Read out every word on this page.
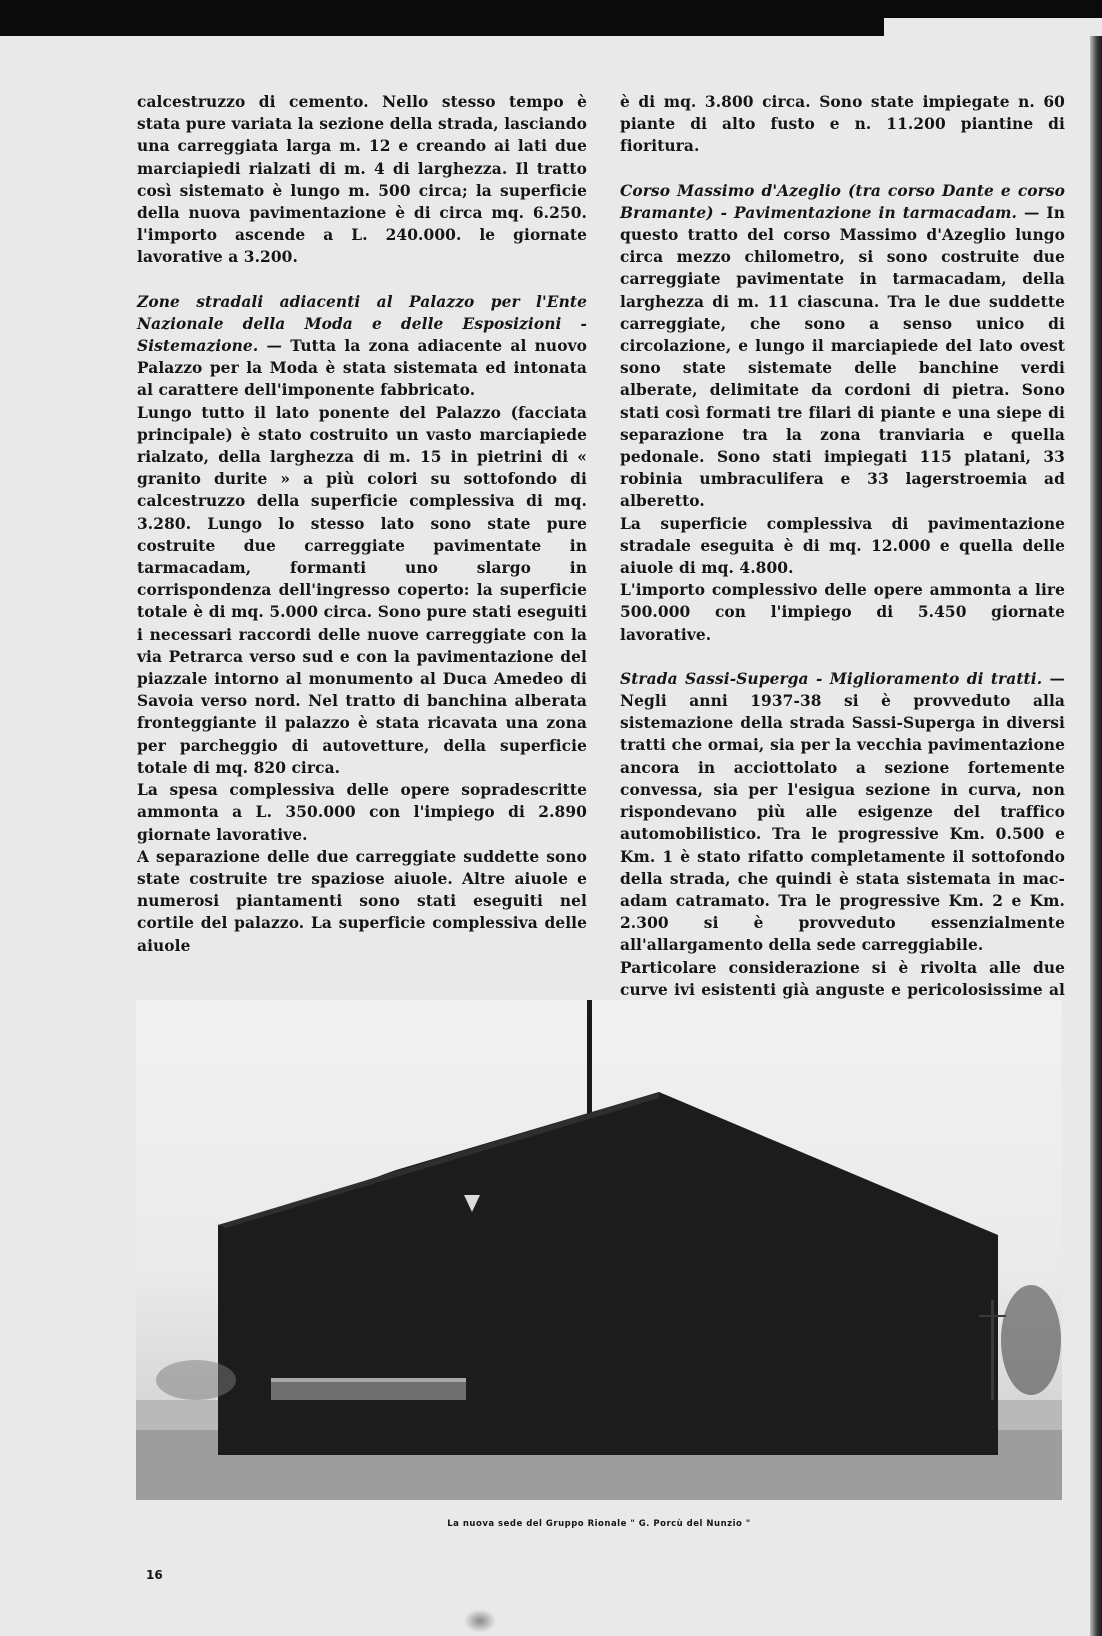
calcestruzzo di cemento. Nello stesso tempo è stata pure variata la sezione della strada, lasciando una carreggiata larga m. 12 e creando ai lati due marciapiedi rialzati di m. 4 di larghezza. Il tratto così sistemato è lungo m. 500 circa; la superficie della nuova pavimentazione è di circa mq. 6.250. l'importo ascende a L. 240.000. le giornate lavorative a 3.200.

Zone stradali adiacenti al Palazzo per l'Ente Nazionale della Moda e delle Esposizioni - Sistemazione. — Tutta la zona adiacente al nuovo Palazzo per la Moda è stata sistemata ed intonata al carattere dell'imponente fabbricato.

Lungo tutto il lato ponente del Palazzo (facciata principale) è stato costruito un vasto marciapiede rialzato, della larghezza di m. 15 in pietrini di « granito durite » a più colori su sottofondo di calcestruzzo della superficie complessiva di mq. 3.280. Lungo lo stesso lato sono state pure costruite due carreggiate pavimentate in tarmacadam, formanti uno slargo in corrispondenza dell'ingresso coperto: la superficie totale è di mq. 5.000 circa. Sono pure stati eseguiti i necessari raccordi delle nuove carreggiate con la via Petrarca verso sud e con la pavimentazione del piazzale intorno al monumento al Duca Amedeo di Savoia verso nord. Nel tratto di banchina alberata fronteggiante il palazzo è stata ricavata una zona per parcheggio di autovetture, della superficie totale di mq. 820 circa.

La spesa complessiva delle opere sopradescritte ammonta a L. 350.000 con l'impiego di 2.890 giornate lavorative.

A separazione delle due carreggiate suddette sono state costruite tre spaziose aiuole. Altre aiuole e numerosi piantamenti sono stati eseguiti nel cortile del palazzo. La superficie complessiva delle aiuole

è di mq. 3.800 circa. Sono state impiegate n. 60 piante di alto fusto e n. 11.200 piantine di fioritura.

Corso Massimo d'Azeglio (tra corso Dante e corso Bramante) - Pavimentazione in tarmacadam. — In questo tratto del corso Massimo d'Azeglio lungo circa mezzo chilometro, si sono costruite due carreggiate pavimentate in tarmacadam, della larghezza di m. 11 ciascuna. Tra le due suddette carreggiate, che sono a senso unico di circolazione, e lungo il marciapiede del lato ovest sono state sistemate delle banchine verdi alberate, delimitate da cordoni di pietra. Sono stati così formati tre filari di piante e una siepe di separazione tra la zona tranviaria e quella pedonale. Sono stati impiegati 115 platani, 33 robinia umbraculifera e 33 lagerstroemia ad alberetto.

La superficie complessiva di pavimentazione stradale eseguita è di mq. 12.000 e quella delle aiuole di mq. 4.800.

L'importo complessivo delle opere ammonta a lire 500.000 con l'impiego di 5.450 giornate lavorative.

Strada Sassi-Superga - Miglioramento di tratti. — Negli anni 1937-38 si è provveduto alla sistemazione della strada Sassi-Superga in diversi tratti che ormai, sia per la vecchia pavimentazione ancora in acciottolato a sezione fortemente convessa, sia per l'esigua sezione in curva, non rispondevano più alle esigenze del traffico automobilistico. Tra le progressive Km. 0.500 e Km. 1 è stato rifatto completamente il sottofondo della strada, che quindi è stata sistemata in mac-adam catramato. Tra le progressive Km. 2 e Km. 2.300 si è provveduto essenzialmente all'allargamento della sede carreggiabile.

Particolare considerazione si è rivolta alle due curve ivi esistenti già anguste e pericolosissime al

La nuova sede del Gruppo Rionale " G. Porcù del Nunzio "
16
